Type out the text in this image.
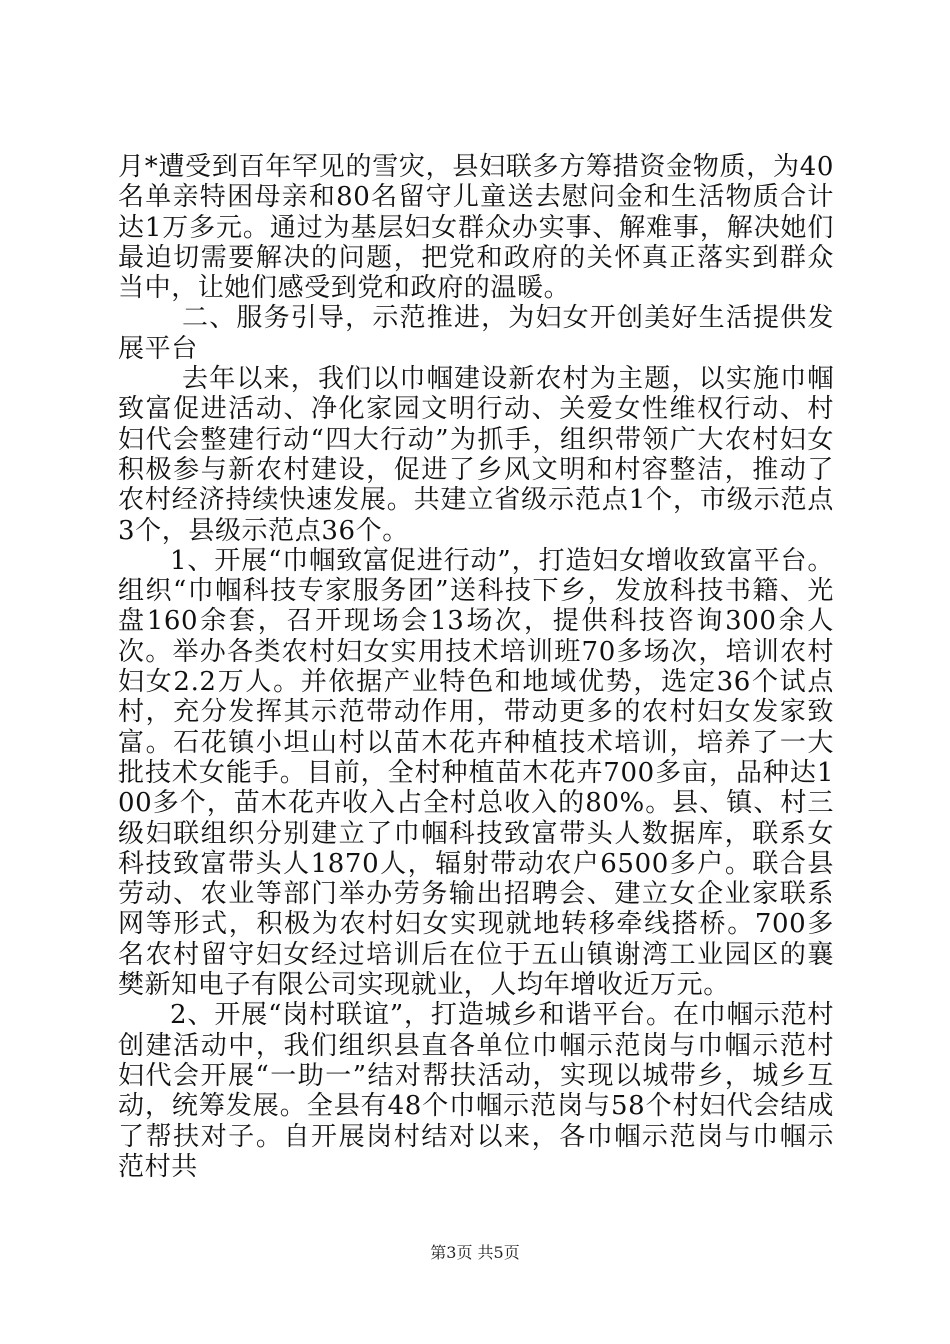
月*遭受到百年罕见的雪灾，县妇联多方筹措资金物质，为40名单亲特困母亲和80名留守儿童送去慰问金和生活物质合计达1万多元。通过为基层妇女群众办实事、解难事，解决她们最迫切需要解决的问题，把党和政府的关怀真正落实到群众当中，让她们感受到党和政府的温暖。

二、服务引导，示范推进，为妇女开创美好生活提供发展平台

去年以来，我们以巾帼建设新农村为主题，以实施巾帼致富促进活动、净化家园文明行动、关爱女性维权行动、村妇代会整建行动“四大行动”为抓手，组织带领广大农村妇女积极参与新农村建设，促进了乡风文明和村容整洁，推动了农村经济持续快速发展。共建立省级示范点1个，市级示范点3个，县级示范点36个。

1、开展“巾帼致富促进行动”，打造妇女增收致富平台。组织“巾帼科技专家服务团”送科技下乡，发放科技书籍、光盘160余套，召开现场会13场次，提供科技咨询300余人次。举办各类农村妇女实用技术培训班70多场次，培训农村妇女2.2万人。并依据产业特色和地域优势，选定36个试点村，充分发挥其示范带动作用，带动更多的农村妇女发家致富。石花镇小坦山村以苗木花卉种植技术培训，培养了一大批技术女能手。目前，全村种植苗木花卉700多亩，品种达100多个，苗木花卉收入占全村总收入的80%。县、镇、村三级妇联组织分别建立了巾帼科技致富带头人数据库，联系女科技致富带头人1870人，辐射带动农户6500多户。联合县劳动、农业等部门举办劳务输出招聘会、建立女企业家联系网等形式，积极为农村妇女实现就地转移牵线搭桥。700多名农村留守妇女经过培训后在位于五山镇谢湾工业园区的襄樊新知电子有限公司实现就业，人均年增收近万元。

2、开展“岗村联谊”，打造城乡和谐平台。在巾帼示范村创建活动中，我们组织县直各单位巾帼示范岗与巾帼示范村妇代会开展“一助一”结对帮扶活动，实现以城带乡，城乡互动，统筹发展。全县有48个巾帼示范岗与58个村妇代会结成了帮扶对子。自开展岗村结对以来，各巾帼示范岗与巾帼示范村共

第3页 共5页
